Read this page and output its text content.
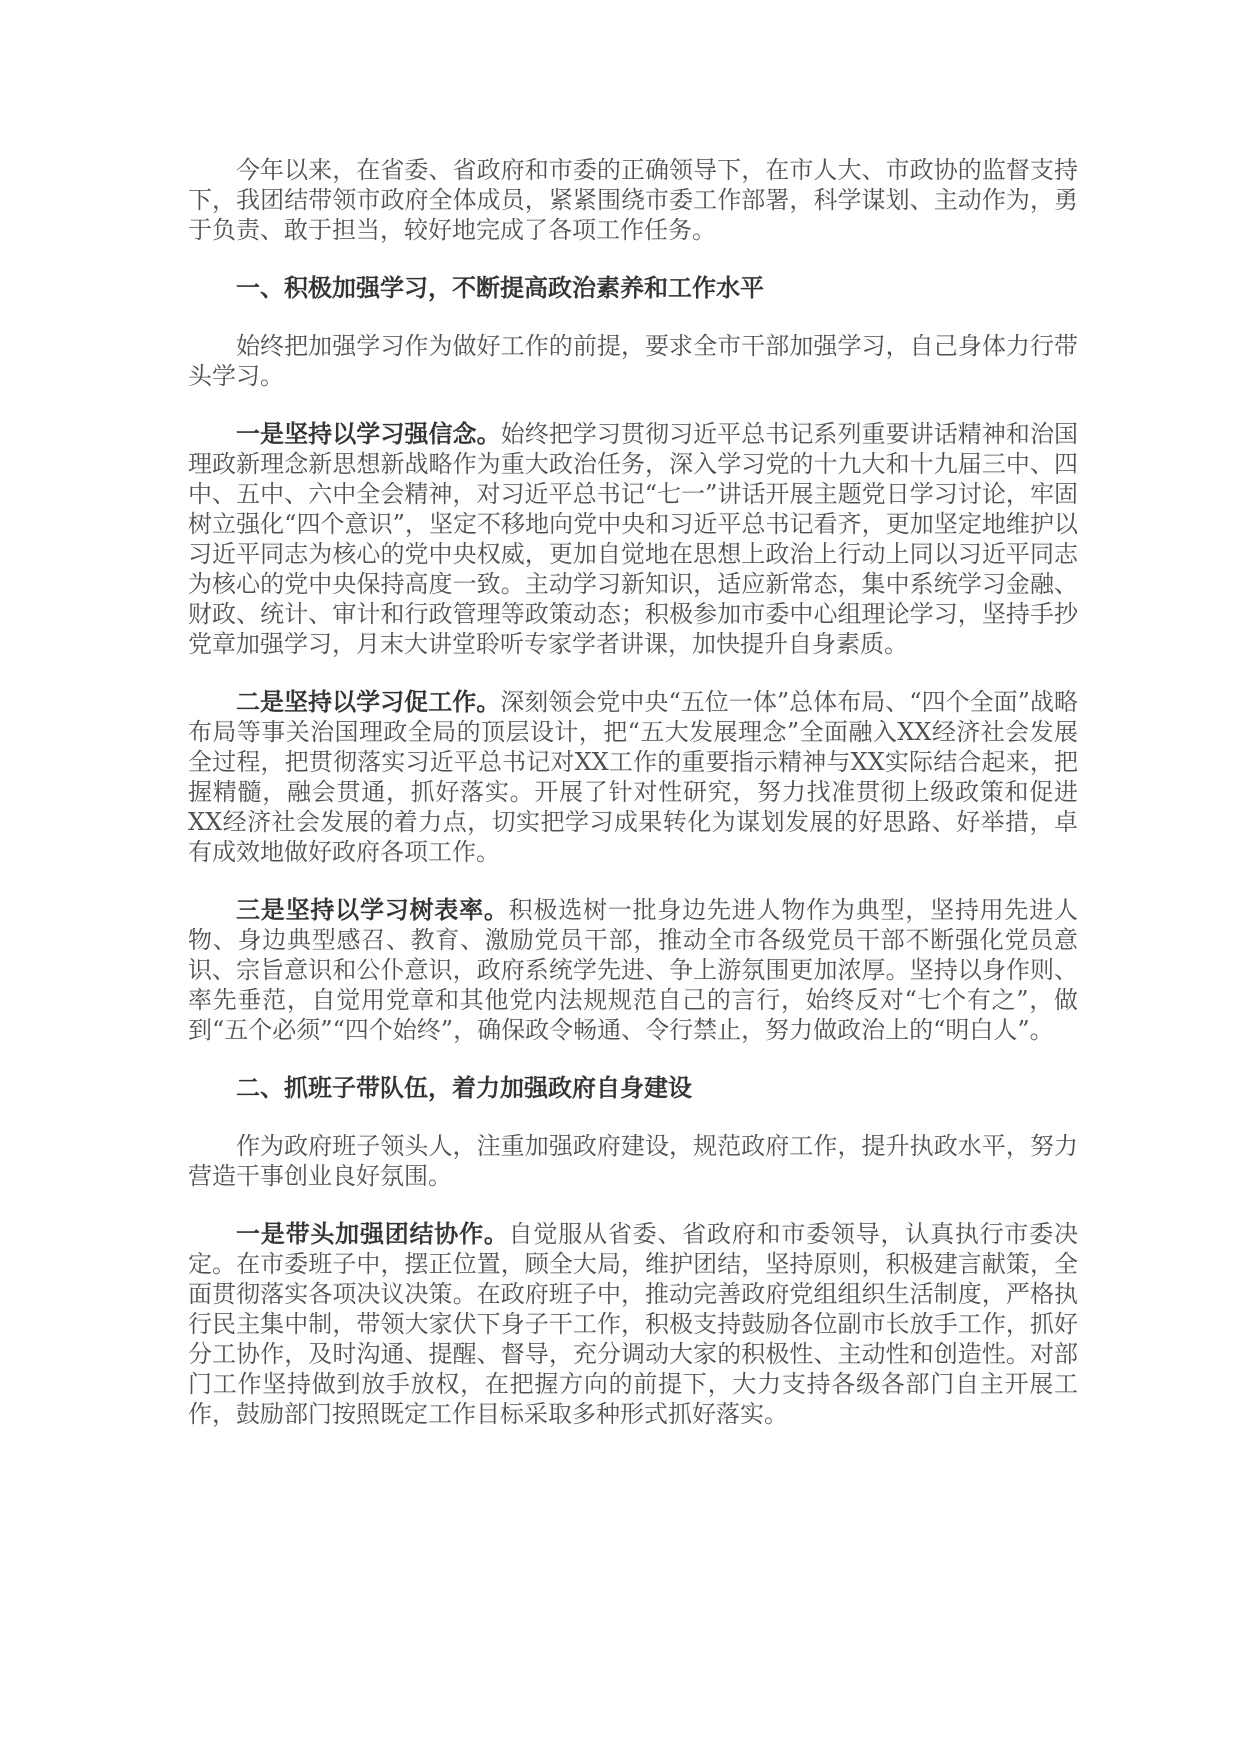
今年以来，在省委、省政府和市委的正确领导下，在市人大、市政协的监督支持下，我团结带领市政府全体成员，紧紧围绕市委工作部署，科学谋划、主动作为，勇于负责、敢于担当，较好地完成了各项工作任务。

一、积极加强学习，不断提高政治素养和工作水平

始终把加强学习作为做好工作的前提，要求全市干部加强学习，自己身体力行带头学习。

一是坚持以学习强信念。始终把学习贯彻习近平总书记系列重要讲话精神和治国理政新理念新思想新战略作为重大政治任务，深入学习党的十九大和十九届三中、四中、五中、六中全会精神，对习近平总书记“七一”讲话开展主题党日学习讨论，牢固树立强化“四个意识”，坚定不移地向党中央和习近平总书记看齐，更加坚定地维护以习近平同志为核心的党中央权威，更加自觉地在思想上政治上行动上同以习近平同志为核心的党中央保持高度一致。主动学习新知识，适应新常态，集中系统学习金融、财政、统计、审计和行政管理等政策动态；积极参加市委中心组理论学习，坚持手抄党章加强学习，月末大讲堂聆听专家学者讲课，加快提升自身素质。

二是坚持以学习促工作。深刻领会党中央“五位一体”总体布局、“四个全面”战略布局等事关治国理政全局的顶层设计，把“五大发展理念”全面融入XX经济社会发展全过程，把贯彻落实习近平总书记对XX工作的重要指示精神与XX实际结合起来，把握精髓，融会贯通，抓好落实。开展了针对性研究，努力找准贯彻上级政策和促进XX经济社会发展的着力点，切实把学习成果转化为谋划发展的好思路、好举措，卓有成效地做好政府各项工作。

三是坚持以学习树表率。积极选树一批身边先进人物作为典型，坚持用先进人物、身边典型感召、教育、激励党员干部，推动全市各级党员干部不断强化党员意识、宗旨意识和公仆意识，政府系统学先进、争上游氛围更加浓厚。坚持以身作则、率先垂范，自觉用党章和其他党内法规规范自己的言行，始终反对“七个有之”，做到“五个必须”“四个始终”，确保政令畅通、令行禁止，努力做政治上的“明白人”。

二、抓班子带队伍，着力加强政府自身建设

作为政府班子领头人，注重加强政府建设，规范政府工作，提升执政水平，努力营造干事创业良好氛围。

一是带头加强团结协作。自觉服从省委、省政府和市委领导，认真执行市委决定。在市委班子中，摆正位置，顾全大局，维护团结，坚持原则，积极建言献策，全面贯彻落实各项决议决策。在政府班子中，推动完善政府党组组织生活制度，严格执行民主集中制，带领大家伏下身子干工作，积极支持鼓励各位副市长放手工作，抓好分工协作，及时沟通、提醒、督导，充分调动大家的积极性、主动性和创造性。对部门工作坚持做到放手放权，在把握方向的前提下，大力支持各级各部门自主开展工作，鼓励部门按照既定工作目标采取多种形式抓好落实。
